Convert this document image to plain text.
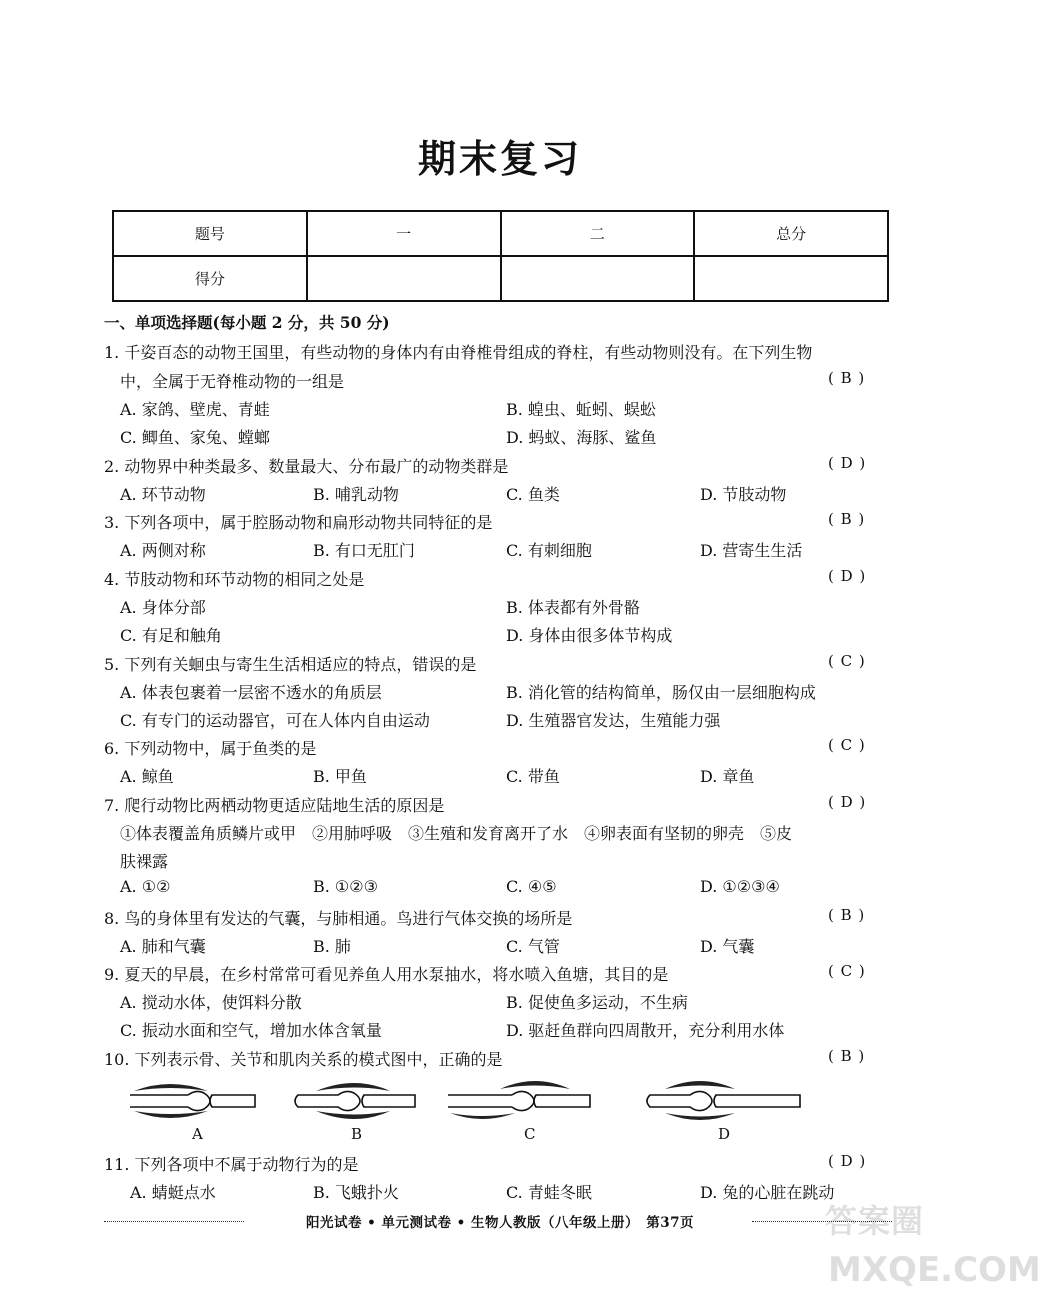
期末复习
题号	一	二	总分
得分			
一、单项选择题(每小题 2 分，共 50 分)
1. 千姿百态的动物王国里，有些动物的身体内有由脊椎骨组成的脊柱，有些动物则没有。在下列生物
中，全属于无脊椎动物的一组是	( B )
A. 家鸽、壁虎、青蛙	B. 蝗虫、蚯蚓、蜈蚣
C. 鲫鱼、家兔、螳螂	D. 蚂蚁、海豚、鲨鱼
2. 动物界中种类最多、数量最大、分布最广的动物类群是	( D )
A. 环节动物	B. 哺乳动物	C. 鱼类	D. 节肢动物
3. 下列各项中，属于腔肠动物和扁形动物共同特征的是	( B )
A. 两侧对称	B. 有口无肛门	C. 有刺细胞	D. 营寄生生活
4. 节肢动物和环节动物的相同之处是	( D )
A. 身体分部	B. 体表都有外骨骼
C. 有足和触角	D. 身体由很多体节构成
5. 下列有关蛔虫与寄生生活相适应的特点，错误的是	( C )
A. 体表包裹着一层密不透水的角质层	B. 消化管的结构简单，肠仅由一层细胞构成
C. 有专门的运动器官，可在人体内自由运动	D. 生殖器官发达，生殖能力强
6. 下列动物中，属于鱼类的是	( C )
A. 鲸鱼	B. 甲鱼	C. 带鱼	D. 章鱼
7. 爬行动物比两栖动物更适应陆地生活的原因是	( D )
①体表覆盖角质鳞片或甲　②用肺呼吸　③生殖和发育离开了水　④卵表面有坚韧的卵壳　⑤皮
肤裸露
A. ①②	B. ①②③	C. ④⑤	D. ①②③④
8. 鸟的身体里有发达的气囊，与肺相通。鸟进行气体交换的场所是	( B )
A. 肺和气囊	B. 肺	C. 气管	D. 气囊
9. 夏天的早晨，在乡村常常可看见养鱼人用水泵抽水，将水喷入鱼塘，其目的是	( C )
A. 搅动水体，使饵料分散	B. 促使鱼多运动，不生病
C. 振动水面和空气，增加水体含氧量	D. 驱赶鱼群向四周散开，充分利用水体
10. 下列表示骨、关节和肌肉关系的模式图中，正确的是	( B )
A	B	C	D
11. 下列各项中不属于动物行为的是	( D )
A. 蜻蜓点水	B. 飞蛾扑火	C. 青蛙冬眠	D. 兔的心脏在跳动
阳光试卷 • 单元测试卷 • 生物人教版（八年级上册）　第37页	答案圈
MXQE.COM
